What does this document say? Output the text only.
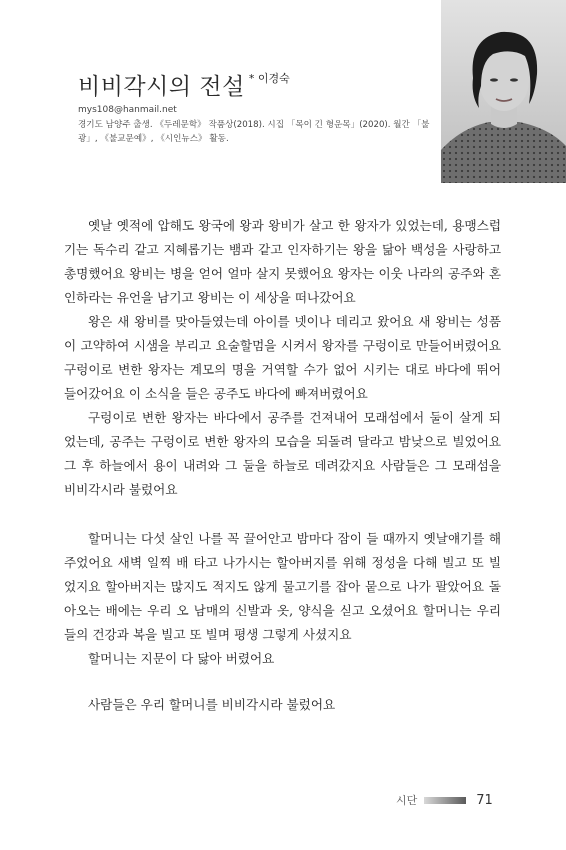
비비각시의 전설 $^{* 이경숙}$
mys108@hanmail.net
경기도 남양주 출생. 《두레문학》 작품상(2018). 시집 「목이 긴 형운목」(2020). 월간 「불광」, 《불교문예》, 《시인뉴스》 활동.

옛날 옛적에 압해도 왕국에 왕과 왕비가 살고 한 왕자가 있었는데, 용맹스럽기는 독수리 같고 지혜롭기는 뱀과 같고 인자하기는 왕을 닮아 백성을 사랑하고 총명했어요 왕비는 병을 얻어 얼마 살지 못했어요 왕자는 이웃 나라의 공주와 혼인하라는 유언을 남기고 왕비는 이 세상을 떠나갔어요

왕은 새 왕비를 맞아들였는데 아이를 넷이나 데리고 왔어요 새 왕비는 성품이 고약하여 시샘을 부리고 요술할멈을 시켜서 왕자를 구렁이로 만들어버렸어요 구렁이로 변한 왕자는 계모의 명을 거역할 수가 없어 시키는 대로 바다에 뛰어 들어갔어요 이 소식을 들은 공주도 바다에 빠져버렸어요

구렁이로 변한 왕자는 바다에서 공주를 건져내어 모래섬에서 둘이 살게 되었는데, 공주는 구렁이로 변한 왕자의 모습을 되돌려 달라고 밤낮으로 빌었어요 그 후 하늘에서 용이 내려와 그 둘을 하늘로 데려갔지요 사람들은 그 모래섬을 비비각시라 불렀어요

할머니는 다섯 살인 나를 꼭 끌어안고 밤마다 잠이 들 때까지 옛날얘기를 해 주었어요 새벽 일찍 배 타고 나가시는 할아버지를 위해 정성을 다해 빌고 또 빌었지요 할아버지는 많지도 적지도 않게 물고기를 잡아 뭍으로 나가 팔았어요 돌아오는 배에는 우리 오 남매의 신발과 옷, 양식을 싣고 오셨어요 할머니는 우리들의 건강과 복을 빌고 또 빌며 평생 그렇게 사셨지요

할머니는 지문이 다 닳아 버렸어요

사람들은 우리 할머니를 비비각시라 불렀어요

시단	71
